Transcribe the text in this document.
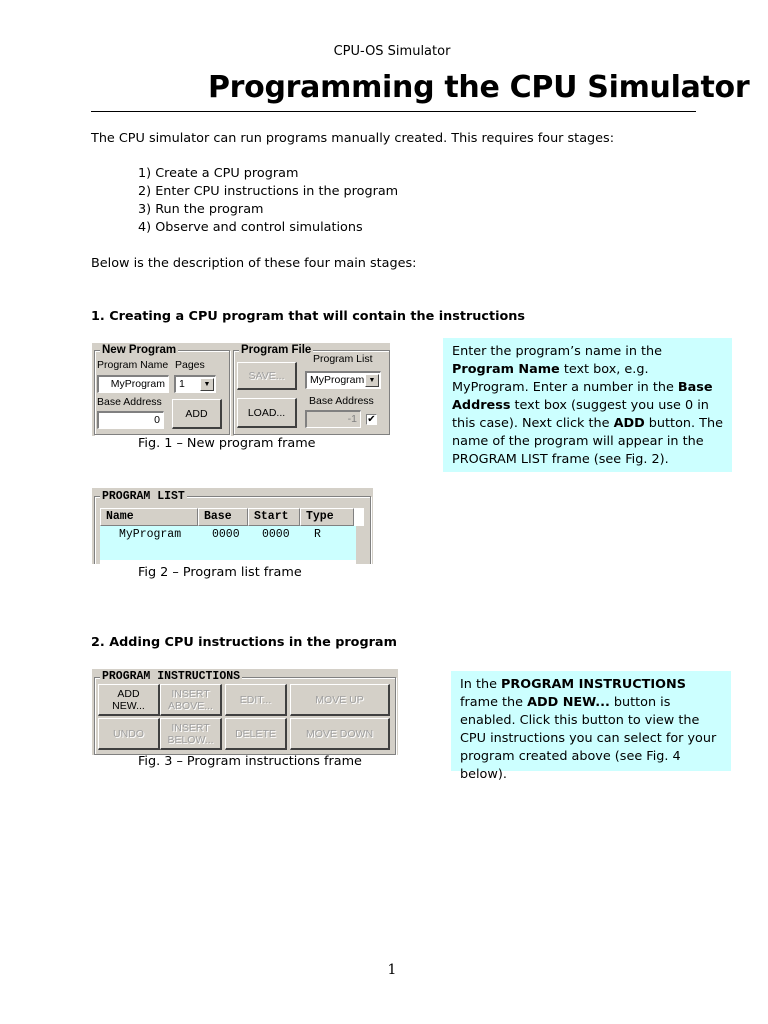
CPU-OS Simulator
Programming the CPU Simulator
The CPU simulator can run programs manually created. This requires four stages:
1) Create a CPU program
2) Enter CPU instructions in the program
3) Run the program
4) Observe and control simulations
Below is the description of these four main stages:
1. Creating a CPU program that will contain the instructions
New Program
Program Name Pages
MyProgram	1	▼
Base Address
0
ADD
Program File
SAVE...
LOAD...
Program List
MyProgram ▼
Base Address
-1	✔
Fig. 1 – New program frame
Enter the program’s name in the Program Name text box, e.g. MyProgram. Enter a number in the Base Address text box (suggest you use 0 in this case). Next click the ADD button. The name of the program will appear in the PROGRAM LIST frame (see Fig. 2).
PROGRAM LIST
Name	Base	Start	Type
MyProgram	0000 0000 R
Fig 2 – Program list frame
2. Adding CPU instructions in the program
PROGRAM INSTRUCTIONS
ADD
NEW...
INSERT
ABOVE...	EDIT...	MOVE UP
UNDO	INSERT
BELOW...	DELETE	MOVE DOWN
Fig. 3 – Program instructions frame
In the PROGRAM INSTRUCTIONS frame the ADD NEW... button is enabled. Click this button to view the CPU instructions you can select for your program created above (see Fig. 4 below).
1
